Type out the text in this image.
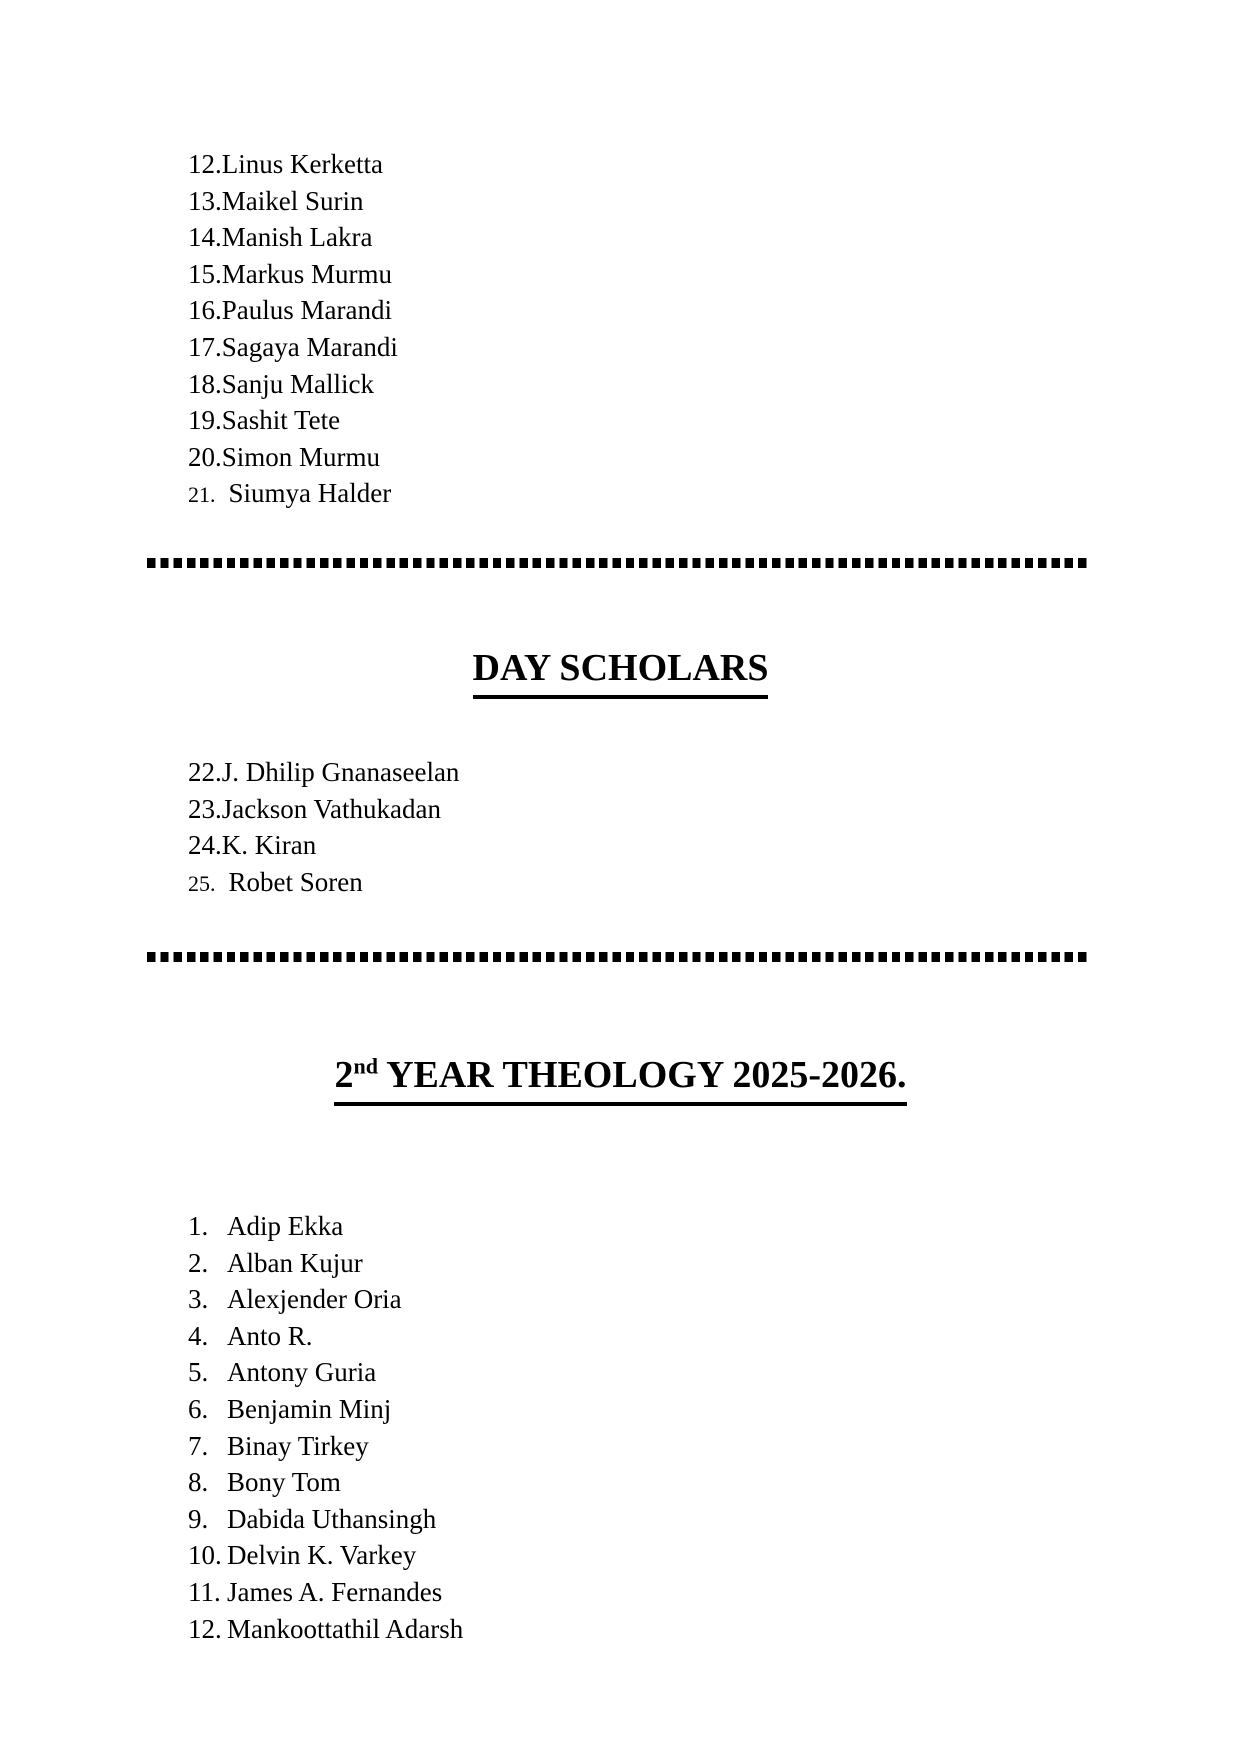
12.Linus Kerketta
13.Maikel Surin
14.Manish Lakra
15.Markus Murmu
16.Paulus Marandi
17.Sagaya Marandi
18.Sanju Mallick
19.Sashit Tete
20.Simon Murmu
21. Siumya Halder
DAY SCHOLARS
22.J. Dhilip Gnanaseelan
23.Jackson Vathukadan
24.K. Kiran
25. Robet Soren
2nd YEAR THEOLOGY 2025-2026.
1. Adip Ekka
2. Alban Kujur
3. Alexjender Oria
4. Anto R.
5. Antony Guria
6. Benjamin Minj
7. Binay Tirkey
8. Bony Tom
9. Dabida Uthansingh
10. Delvin K. Varkey
11. James A. Fernandes
12. Mankoottathil Adarsh
